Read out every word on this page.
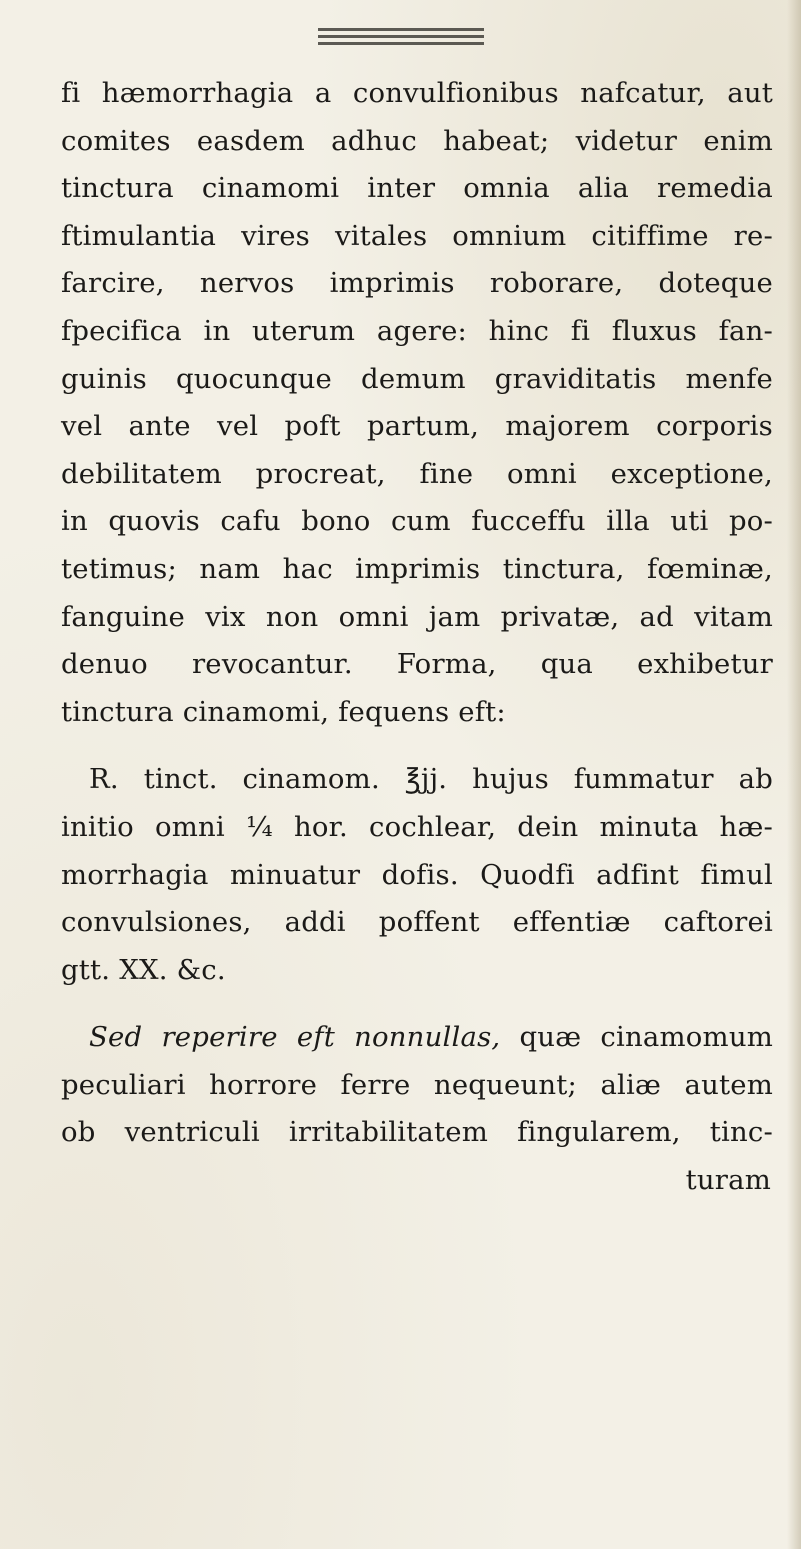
fi hæmorrhagia a convulfionibus nafcatur, aut
comites easdem adhuc habeat; videtur enim
tinctura cinamomi inter omnia alia remedia
ftimulantia vires vitales omnium citiffime re-
farcire, nervos imprimis roborare, doteque
fpecifica in uterum agere: hinc fi fluxus fan-
guinis quocunque demum graviditatis menfe
vel ante vel poft partum, majorem corporis
debilitatem procreat, fine omni exceptione,
in quovis cafu bono cum fucceffu illa uti po-
tetimus; nam hac imprimis tinctura, fœminæ,
fanguine vix non omni jam privatæ, ad vitam
denuo revocantur. Forma, qua exhibetur
tinctura cinamomi, fequens eft:
R. tinct. cinamom. ℥jj. hujus fummatur ab
initio omni ¼ hor. cochlear, dein minuta hæ-
morrhagia minuatur dofis. Quodfi adfint fimul
convulsiones, addi poffent effentiæ caftorei
gtt. XX. &c.
Sed reperire eft nonnullas, quæ cinamomum
peculiari horrore ferre nequeunt; aliæ autem
ob ventriculi irritabilitatem fingularem, tinc-
turam
